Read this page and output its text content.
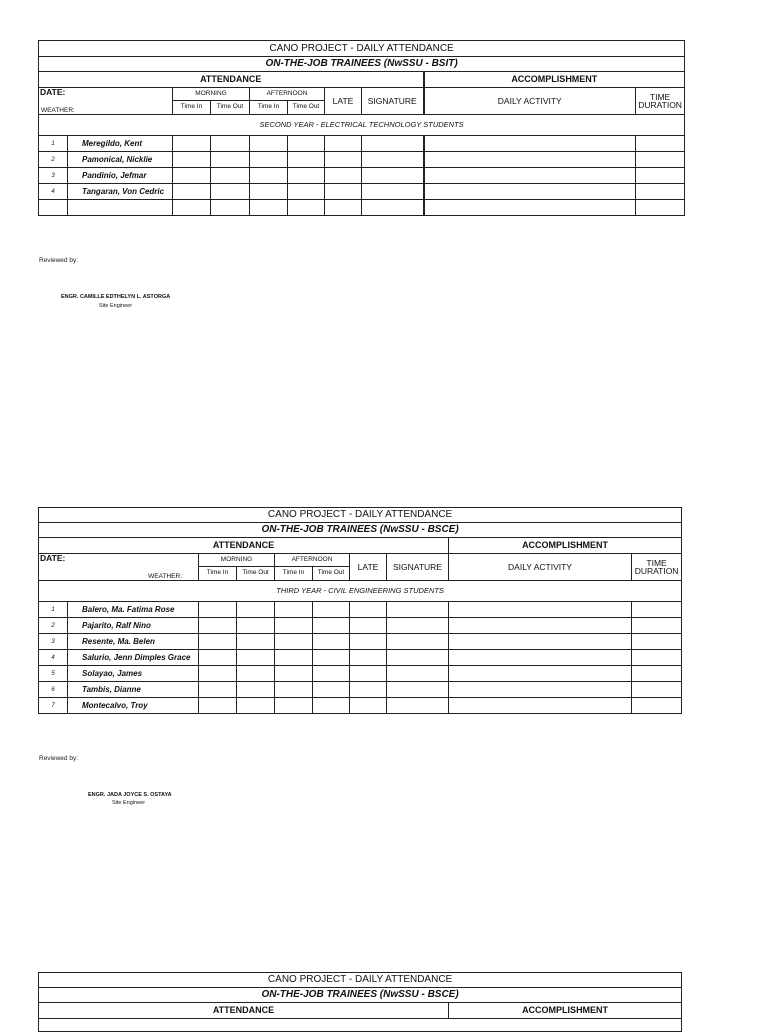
CANO PROJECT - DAILY ATTENDANCE									
ON-THE-JOB TRAINEES (NwSSU - BSIT)									
ATTENDANCE								ACCOMPLISHMENT	

DATE:
WEATHER:		MORNING		AFTERNOON		LATE	SIGNATURE	DAILY ACTIVITY	TIME DURATION
		Time In	Time Out	Time In	Time Out				
SECOND YEAR - ELECTRICAL TECHNOLOGY STUDENTS									
1	Meregildo, Kent								
2	Pamonical, Nicklie								
3	Pandinio, Jefmar								
4	Tangaran, Von Cedric								

Reviewed by:
ENGR. CAMILLE EDTHELYN L. ASTORGA
Site Engineer
CANO PROJECT - DAILY ATTENDANCE									
ON-THE-JOB TRAINEES (NwSSU - BSCE)									
ATTENDANCE								ACCOMPLISHMENT	

DATE:
WEATHER:		MORNING		AFTERNOON		LATE	SIGNATURE	DAILY ACTIVITY	TIME DURATION
		Time In	Time Out	Time In	Time Out				
THIRD YEAR - CIVIL ENGINEERING STUDENTS									
1	Balero, Ma. Fatima Rose								
2	Pajarito, Ralf Nino								
3	Resente, Ma. Belen								
4	Salurio, Jenn Dimples Grace								
5	Solayao, James								
6	Tambis, Dianne								
7	Montecalvo, Troy								
Reviewed by:
ENGR. JADA JOYCE S. OSTAYA
Site Engineer
CANO PROJECT - DAILY ATTENDANCE
ON-THE-JOB TRAINEES (NwSSU - BSCE)
ATTENDANCE	ACCOMPLISHMENT
